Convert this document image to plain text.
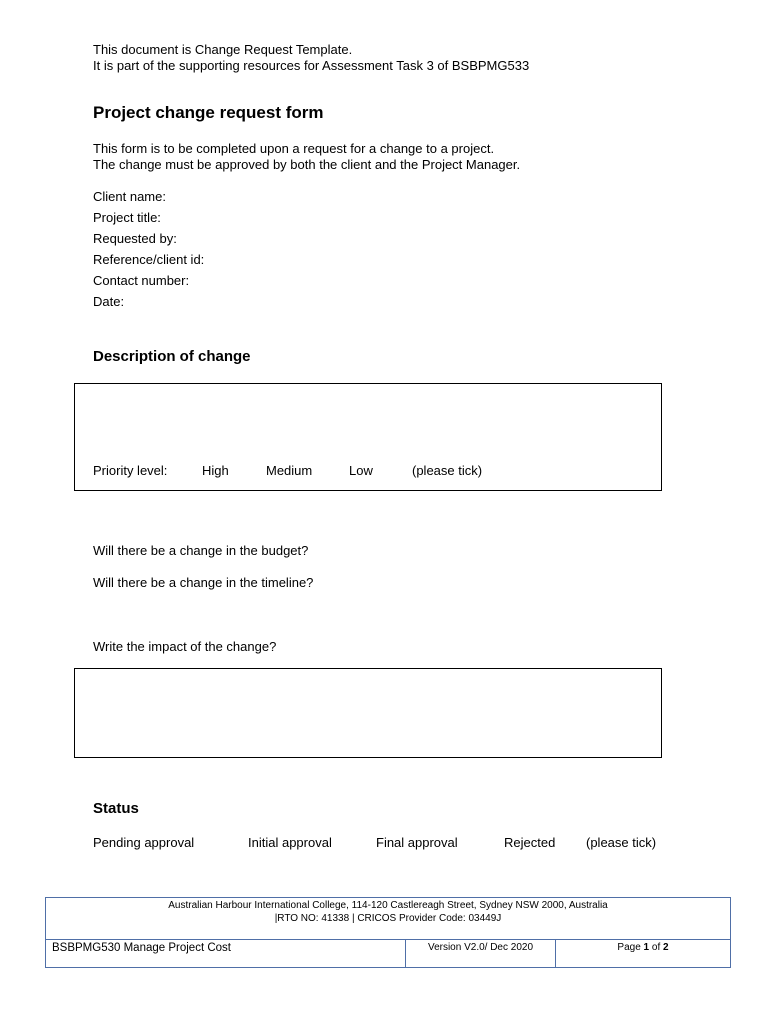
This document is Change Request Template.
It is part of the supporting resources for Assessment Task 3 of BSBPMG533
Project change request form
This form is to be completed upon a request for a change to a project.
The change must be approved by both the client and the Project Manager.
Client name:
Project title:
Requested by:
Reference/client id:
Contact number:
Date:
Description of change
Priority level:	High	Medium	Low	(please tick)
Will there be a change in the budget?
Will there be a change in the timeline?
Write the impact of the change?
Status
Pending approval	Initial approval	Final approval	Rejected (please tick)
Australian Harbour International College, 114-120 Castlereagh Street, Sydney NSW 2000, Australia
|RTO NO: 41338 | CRICOS Provider Code: 03449J
BSBPMG530 Manage Project Cost	Version V2.0/ Dec 2020	Page 1 of 2
